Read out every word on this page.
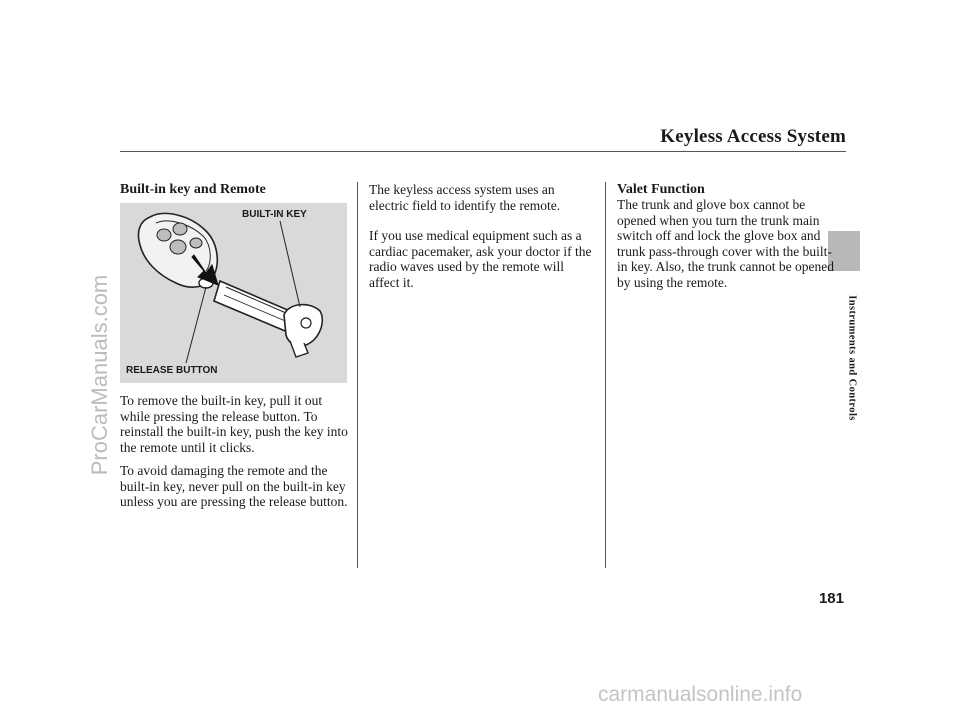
Keyless Access System
Instruments and Controls
Built-in key and Remote
BUILT-IN KEY
RELEASE BUTTON

To remove the built-in key, pull it out while pressing the release button. To reinstall the built-in key, push the key into the remote until it clicks.

To avoid damaging the remote and the built-in key, never pull on the built-in key unless you are pressing the release button.

The keyless access system uses an electric field to identify the remote.

If you use medical equipment such as a cardiac pacemaker, ask your doctor if the radio waves used by the remote will affect it.

Valet Function

The trunk and glove box cannot be opened when you turn the trunk main switch off and lock the glove box and trunk pass-through cover with the built-in key. Also, the trunk cannot be opened by using the remote.

181
ProCarManuals.com
carmanualsonline.info
